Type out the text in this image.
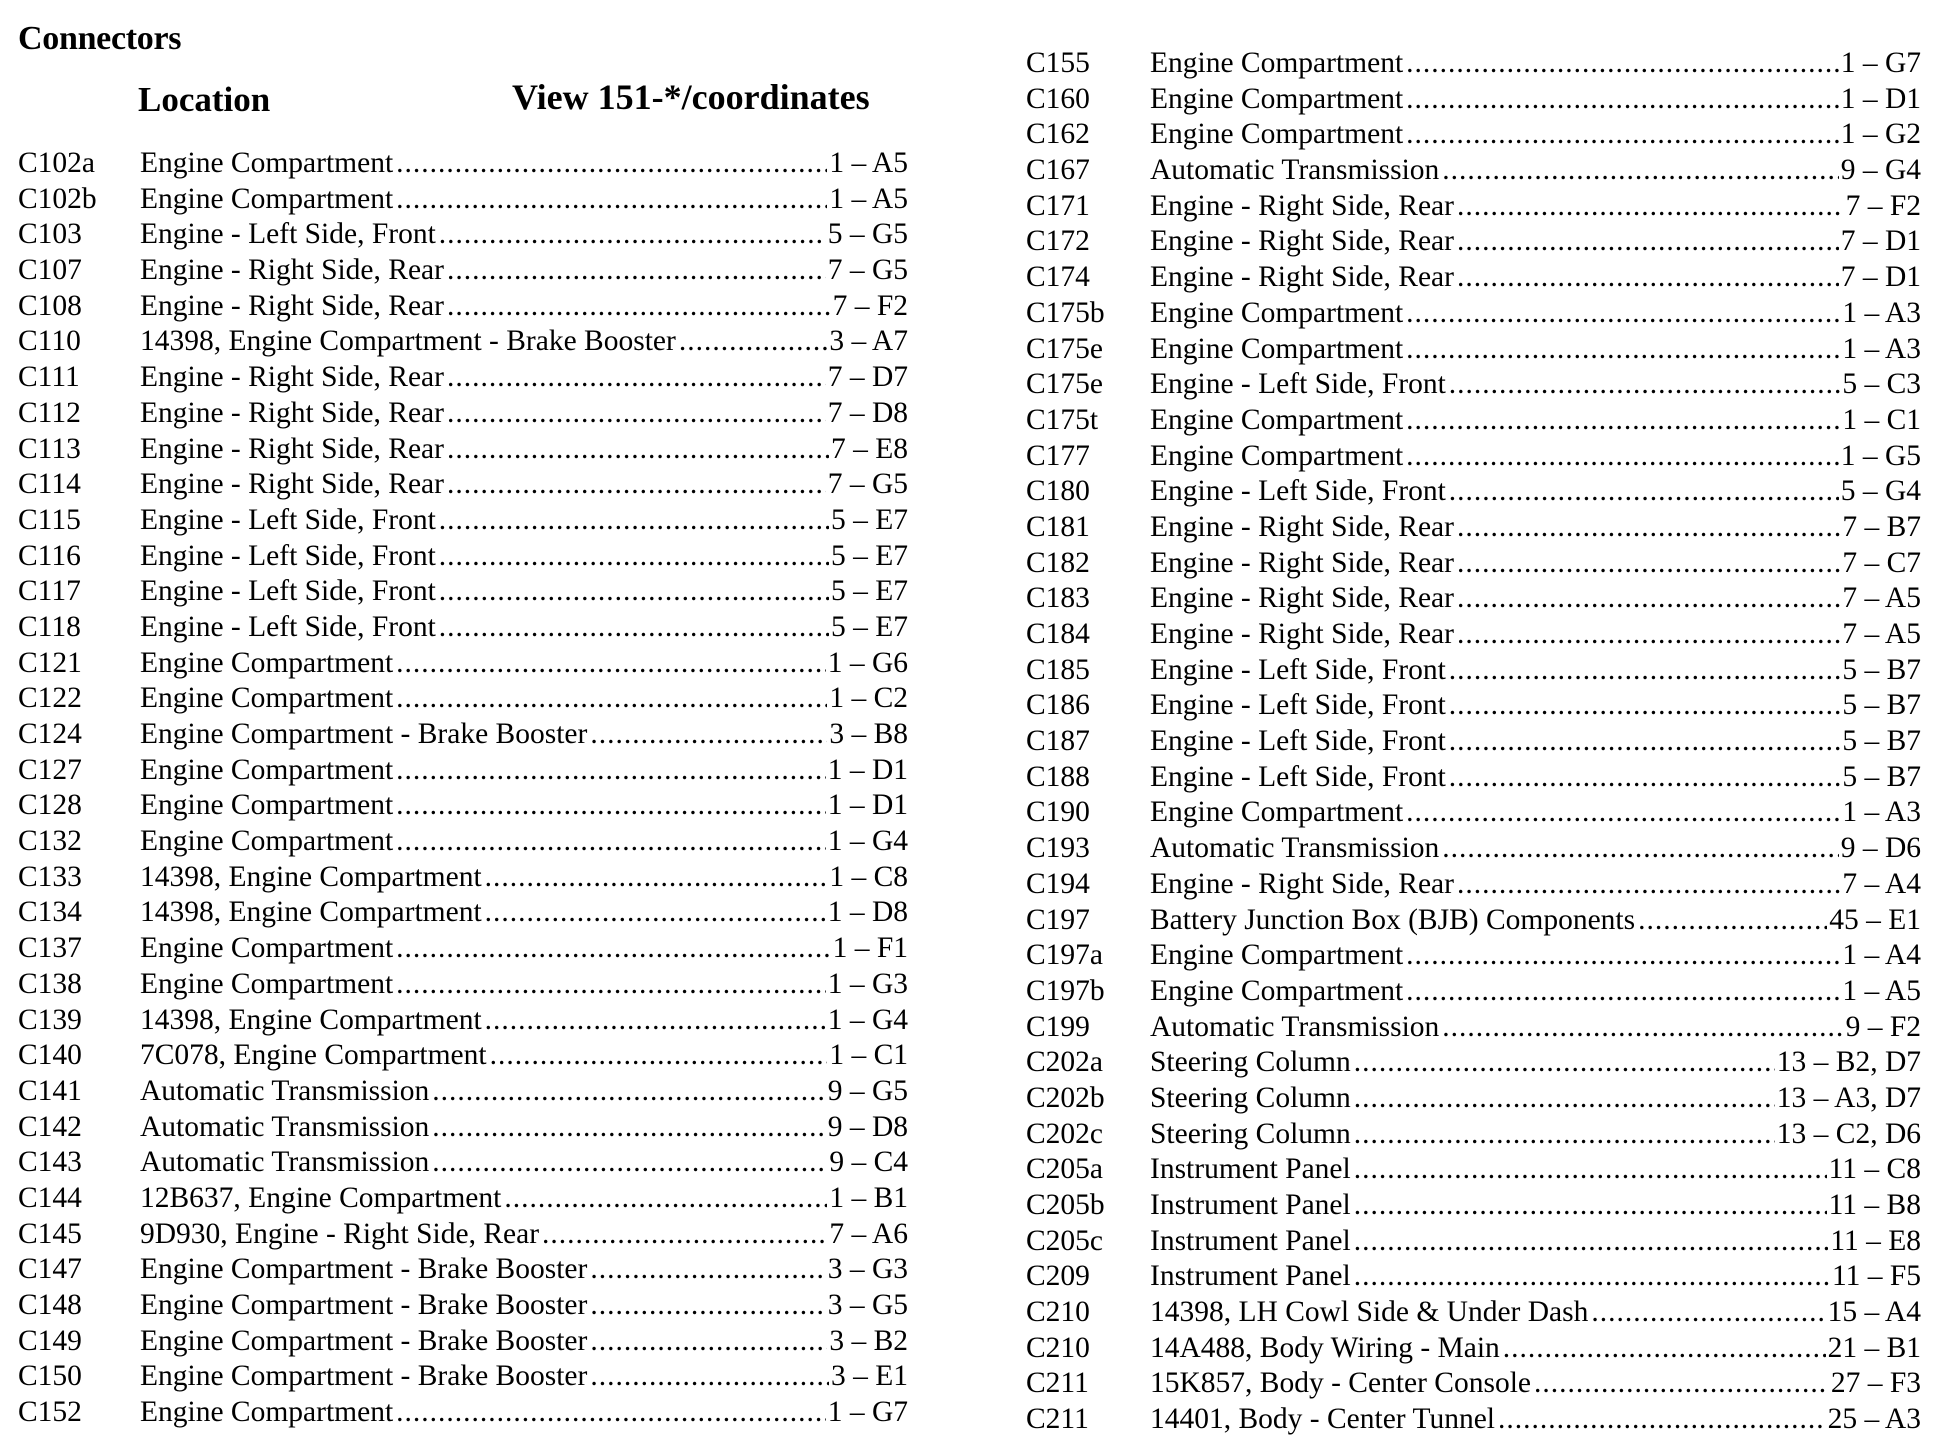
Connectors
Location	View 151-*/coordinates
C102a	Engine Compartment .....	1 – A5
C102b	Engine Compartment .....	1 – A5
C103	Engine - Left Side, Front .....	5 – G5
C107	Engine - Right Side, Rear .....	7 – G5
C108	Engine - Right Side, Rear .....	7 – F2
C110	14398, Engine Compartment - Brake Booster .....	3 – A7
C111	Engine - Right Side, Rear .....	7 – D7
C112	Engine - Right Side, Rear .....	7 – D8
C113	Engine - Right Side, Rear .....	7 – E8
C114	Engine - Right Side, Rear .....	7 – G5
C115	Engine - Left Side, Front .....	5 – E7
C116	Engine - Left Side, Front .....	5 – E7
C117	Engine - Left Side, Front .....	5 – E7
C118	Engine - Left Side, Front .....	5 – E7
C121	Engine Compartment .....	1 – G6
C122	Engine Compartment .....	1 – C2
C124	Engine Compartment - Brake Booster .....	3 – B8
C127	Engine Compartment .....	1 – D1
C128	Engine Compartment .....	1 – D1
C132	Engine Compartment .....	1 – G4
C133	14398, Engine Compartment .....	1 – C8
C134	14398, Engine Compartment .....	1 – D8
C137	Engine Compartment .....	1 – F1
C138	Engine Compartment .....	1 – G3
C139	14398, Engine Compartment .....	1 – G4
C140	7C078, Engine Compartment .....	1 – C1
C141	Automatic Transmission .....	9 – G5
C142	Automatic Transmission .....	9 – D8
C143	Automatic Transmission .....	9 – C4
C144	12B637, Engine Compartment .....	1 – B1
C145	9D930, Engine - Right Side, Rear .....	7 – A6
C147	Engine Compartment - Brake Booster .....	3 – G3
C148	Engine Compartment - Brake Booster .....	3 – G5
C149	Engine Compartment - Brake Booster .....	3 – B2
C150	Engine Compartment - Brake Booster .....	3 – E1
C152	Engine Compartment .....	1 – G7
C155	Engine Compartment .....	1 – G7
C160	Engine Compartment .....	1 – D1
C162	Engine Compartment .....	1 – G2
C167	Automatic Transmission .....	9 – G4
C171	Engine - Right Side, Rear .....	7 – F2
C172	Engine - Right Side, Rear .....	7 – D1
C174	Engine - Right Side, Rear .....	7 – D1
C175b	Engine Compartment .....	1 – A3
C175e	Engine Compartment .....	1 – A3
C175e	Engine - Left Side, Front .....	5 – C3
C175t	Engine Compartment .....	1 – C1
C177	Engine Compartment .....	1 – G5
C180	Engine - Left Side, Front .....	5 – G4
C181	Engine - Right Side, Rear .....	7 – B7
C182	Engine - Right Side, Rear .....	7 – C7
C183	Engine - Right Side, Rear .....	7 – A5
C184	Engine - Right Side, Rear .....	7 – A5
C185	Engine - Left Side, Front .....	5 – B7
C186	Engine - Left Side, Front .....	5 – B7
C187	Engine - Left Side, Front .....	5 – B7
C188	Engine - Left Side, Front .....	5 – B7
C190	Engine Compartment .....	1 – A3
C193	Automatic Transmission .....	9 – D6
C194	Engine - Right Side, Rear .....	7 – A4
C197	Battery Junction Box (BJB) Components .....	45 – E1
C197a	Engine Compartment .....	1 – A4
C197b	Engine Compartment .....	1 – A5
C199	Automatic Transmission .....	9 – F2
C202a	Steering Column .....	13 – B2, D7
C202b	Steering Column .....	13 – A3, D7
C202c	Steering Column .....	13 – C2, D6
C205a	Instrument Panel .....	11 – C8
C205b	Instrument Panel .....	11 – B8
C205c	Instrument Panel .....	11 – E8
C209	Instrument Panel .....	11 – F5
C210	14398, LH Cowl Side & Under Dash .....	15 – A4
C210	14A488, Body Wiring - Main .....	21 – B1
C211	15K857, Body - Center Console .....	27 – F3
C211	14401, Body - Center Tunnel .....	25 – A3
